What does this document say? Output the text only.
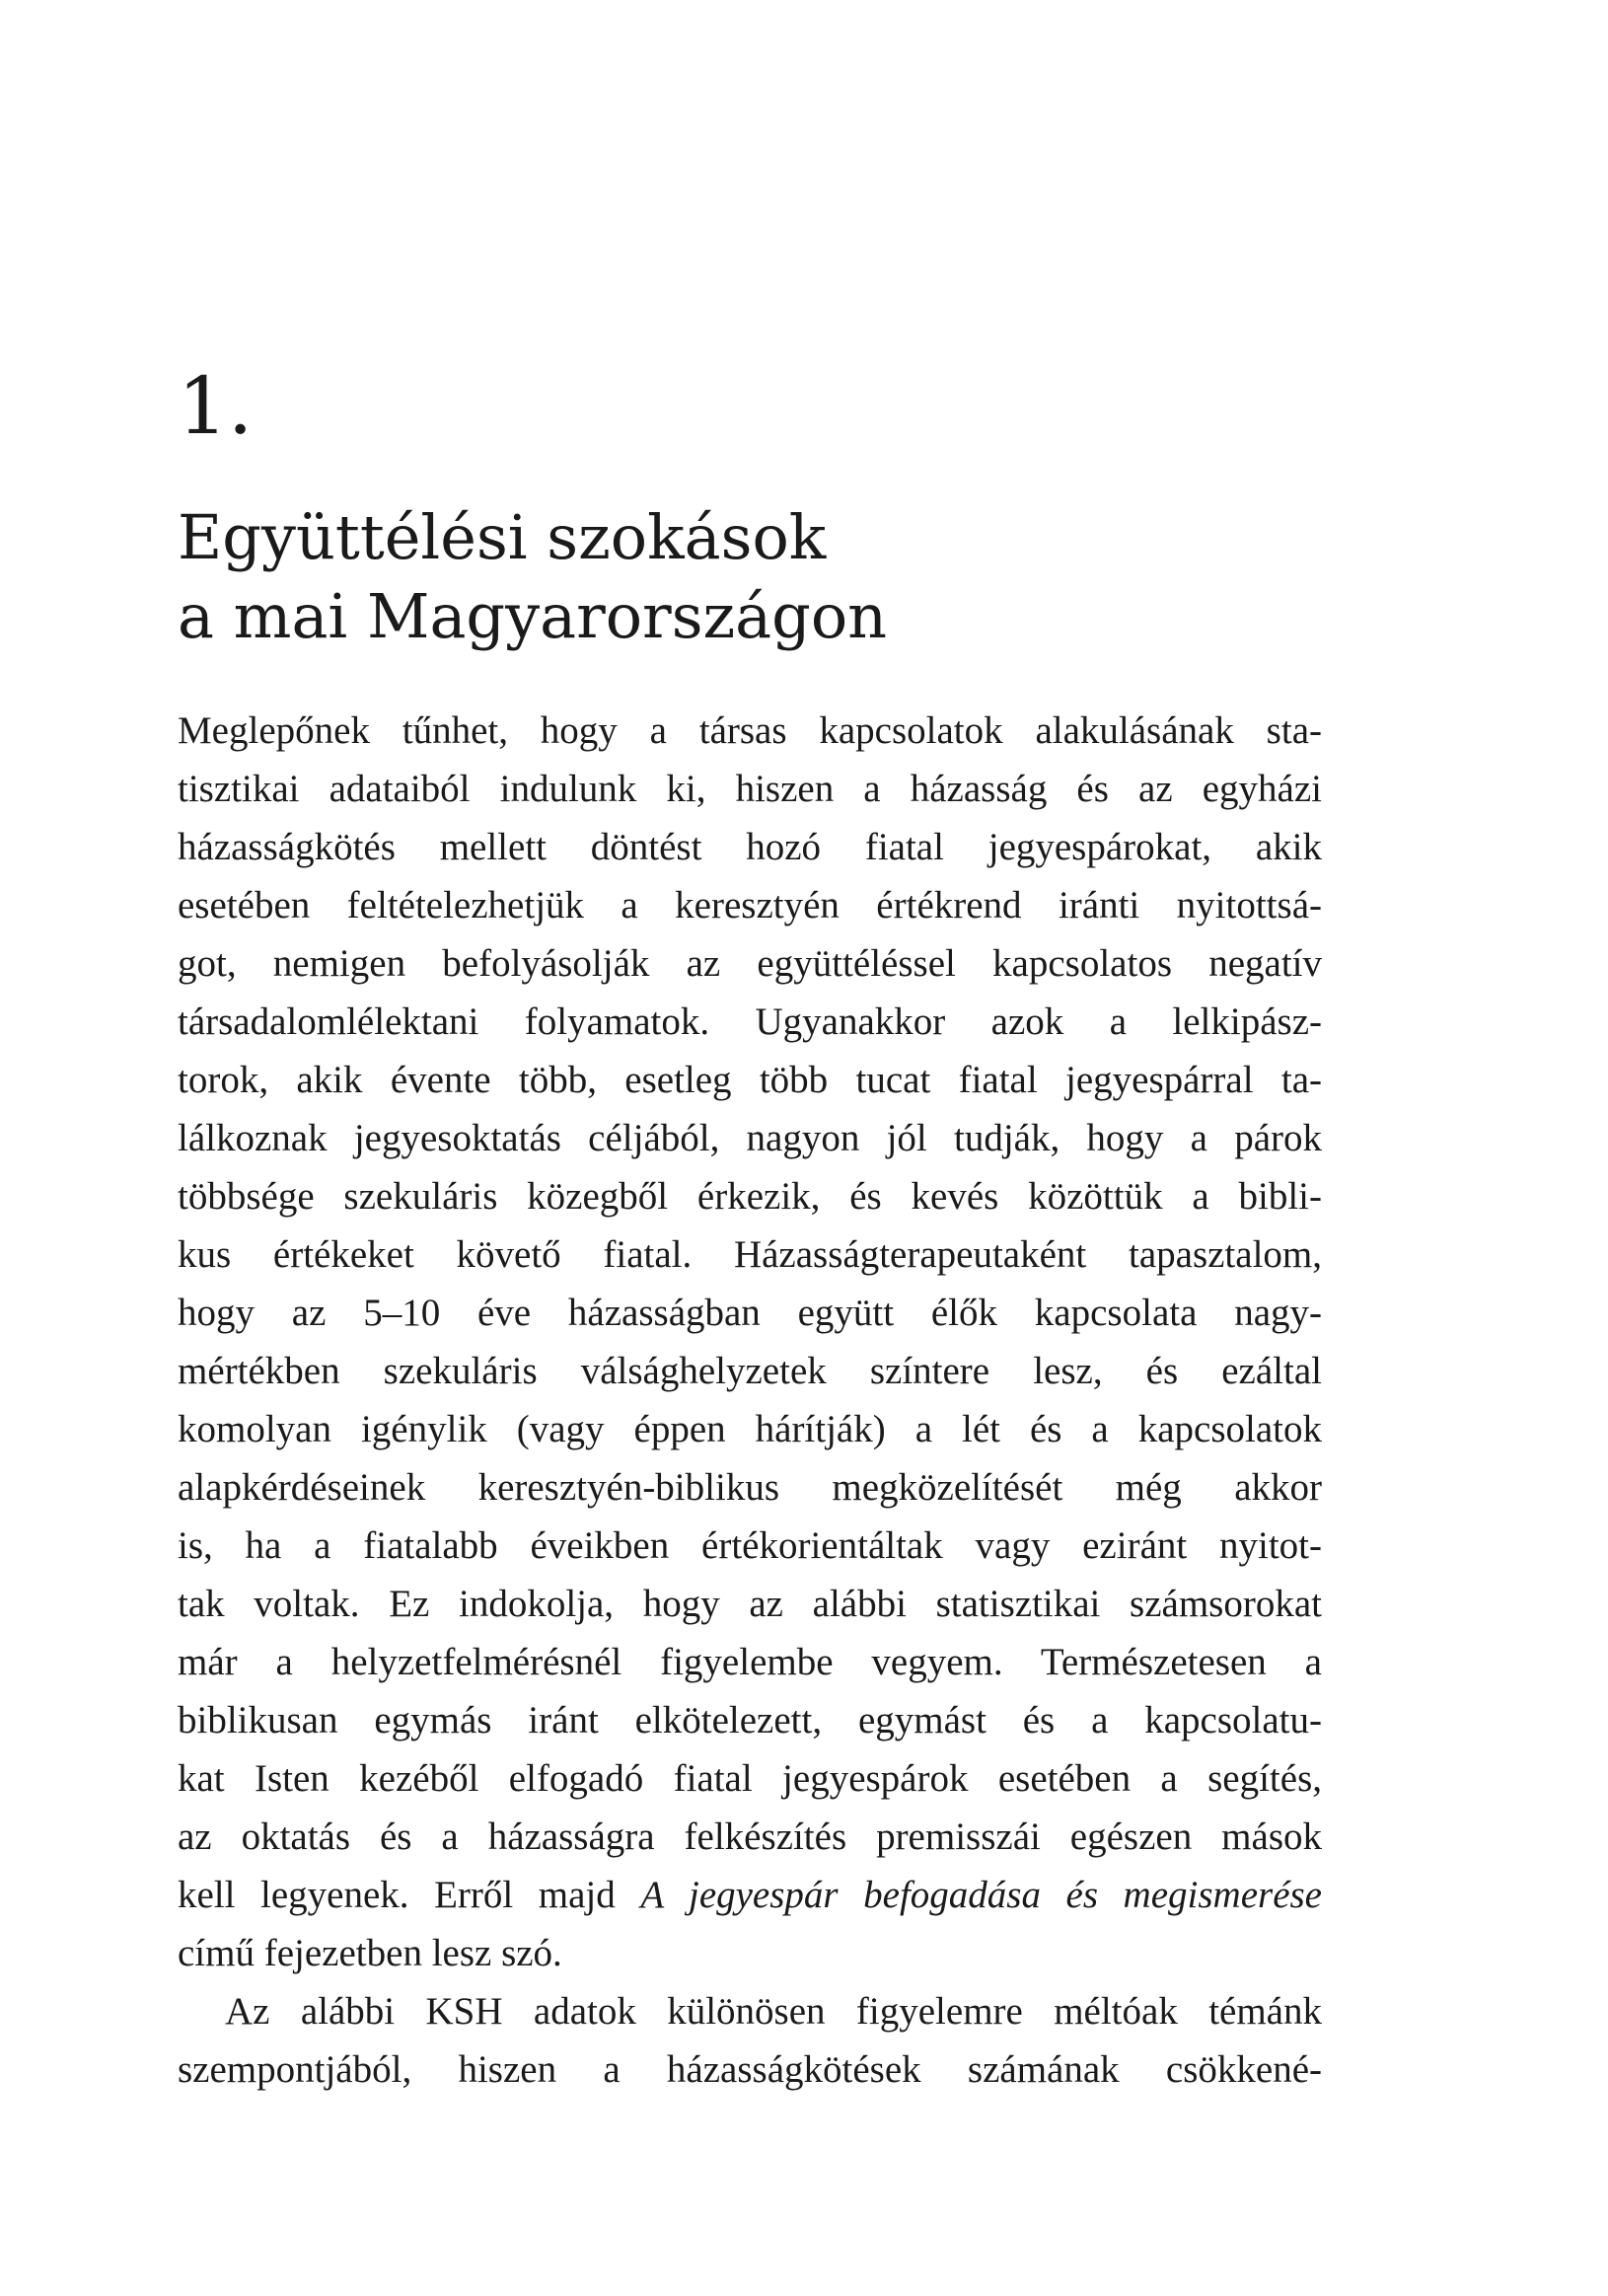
1.
Együttélési szokások
a mai Magyarországon

Meglepőnek tűnhet, hogy a társas kapcsolatok alakulásának sta-
tisztikai adataiból indulunk ki, hiszen a házasság és az egyházi
házasságkötés mellett döntést hozó fiatal jegyespárokat, akik
esetében feltételezhetjük a keresztyén értékrend iránti nyitottsá-
got, nemigen befolyásolják az együttéléssel kapcsolatos negatív
társadalomlélektani folyamatok. Ugyanakkor azok a lelkipász-
torok, akik évente több, esetleg több tucat fiatal jegyespárral ta-
lálkoznak jegyesoktatás céljából, nagyon jól tudják, hogy a párok
többsége szekuláris közegből érkezik, és kevés közöttük a bibli-
kus értékeket követő fiatal. Házasságterapeutaként tapasztalom,
hogy az 5–10 éve házasságban együtt élők kapcsolata nagy-
mértékben szekuláris válsághelyzetek színtere lesz, és ezáltal
komolyan igénylik (vagy éppen hárítják) a lét és a kapcsolatok
alapkérdéseinek keresztyén-biblikus megközelítését még akkor
is, ha a fiatalabb éveikben értékorientáltak vagy eziránt nyitot-
tak voltak. Ez indokolja, hogy az alábbi statisztikai számsorokat
már a helyzetfelmérésnél figyelembe vegyem. Természetesen a
biblikusan egymás iránt elkötelezett, egymást és a kapcsolatu-
kat Isten kezéből elfogadó fiatal jegyespárok esetében a segítés,
az oktatás és a házasságra felkészítés premisszái egészen mások
kell legyenek. Erről majd A jegyespár befogadása és megismerése
című fejezetben lesz szó.

Az alábbi KSH adatok különösen figyelemre méltóak témánk
szempontjából, hiszen a házasságkötések számának csökkené-
